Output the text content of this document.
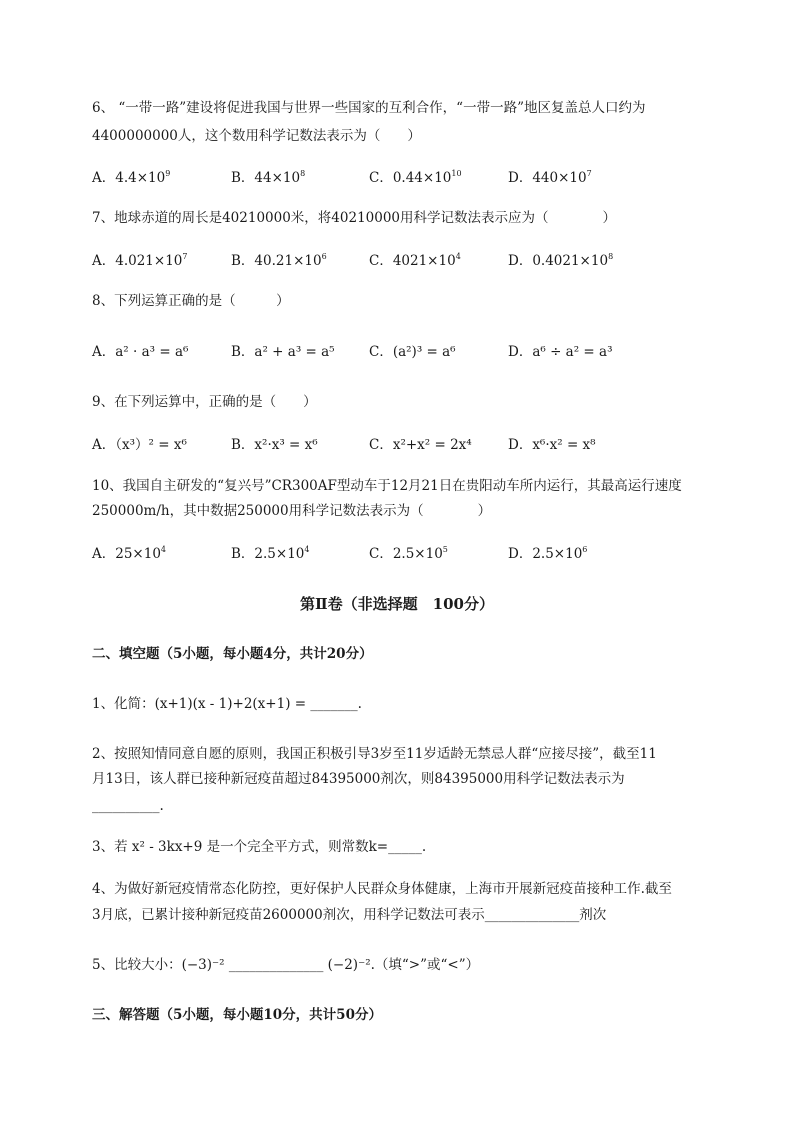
6、 “一带一路”建设将促进我国与世界一些国家的互利合作，“一带一路”地区复盖总人口约为
4400000000人，这个数用科学记数法表示为（　　）
A．$4.4\times 10^9$	B．$44\times 10^8$	C．$0.44\times 10^{10}$	D．$440\times 10^7$
7、地球赤道的周长是40210000米，将40210000用科学记数法表示应为（　　　　）
A．$4.021\times 10^7$	B．$40.21\times 10^6$	C．$4021\times 10^4$	D．$0.4021\times 10^8$
8、下列运算正确的是（　　　）
A．a² · a³ = a⁶	B．a² + a³ = a⁵	C．(a²)³ = a⁶	D．a⁶ ÷ a² = a³
9、在下列运算中，正确的是（　　）
A．（x³）² = x⁶	B．x²·x³ = x⁶	C．x²+x² = 2x⁴	D．x⁶·x² = x⁸
10、我国自主研发的“复兴号”CR300AF型动车于12月21日在贵阳动车所内运行，其最高运行速度
250000m/h，其中数据250000用科学记数法表示为（　　　　）
A．$25\times 10^4$	B．$2.5\times 10^4$	C．$2.5\times 10^5$	D．$2.5\times 10^6$
第Ⅱ卷（非选择题　100分）
二、填空题（5小题，每小题4分，共计20分）
1、化简：(x+1)(x - 1)+2(x+1) = _______.
2、按照知情同意自愿的原则，我国正积极引导3岁至11岁适龄无禁忌人群“应接尽接”，截至11
月13日，该人群已接种新冠疫苗超过84395000剂次，则84395000用科学记数法表示为
__________.
3、若 x² - 3kx+9 是一个完全平方式，则常数k=_____.
4、为做好新冠疫情常态化防控，更好保护人民群众身体健康，上海市开展新冠疫苗接种工作.截至
3月底，已累计接种新冠疫苗2600000剂次，用科学记数法可表示______________剂次
5、比较大小：(−3)⁻² ______________ (−2)⁻².（填“>”或“<”）
三、解答题（5小题，每小题10分，共计50分）
